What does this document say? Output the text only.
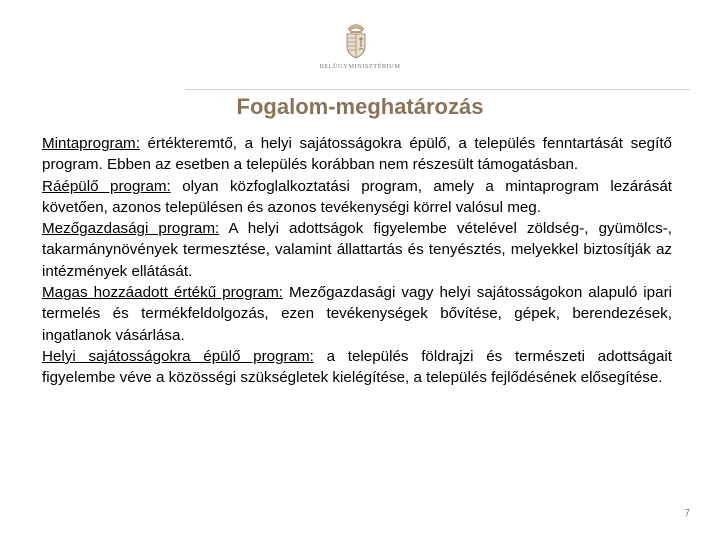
BELÜGYMINISZTÉRIUM
Fogalom-meghatározás

Mintaprogram: értékteremtő, a helyi sajátosságokra épülő, a település fenntartását segítő program. Ebben az esetben a település korábban nem részesült támogatásban.

Ráépülő program: olyan közfoglalkoztatási program, amely a mintaprogram lezárását követően, azonos településen és azonos tevékenységi körrel valósul meg.

Mezőgazdasági program: A helyi adottságok figyelembe vételével zöldség-, gyümölcs-, takarmánynövények termesztése, valamint állattartás és tenyésztés, melyekkel biztosítják az intézmények ellátását.

Magas hozzáadott értékű program: Mezőgazdasági vagy helyi sajátosságokon alapuló ipari termelés és termékfeldolgozás, ezen tevékenységek bővítése, gépek, berendezések, ingatlanok vásárlása.

Helyi sajátosságokra épülő program: a település földrajzi és természeti adottságait figyelembe véve a közösségi szükségletek kielégítése, a település fejlődésének elősegítése.

7
